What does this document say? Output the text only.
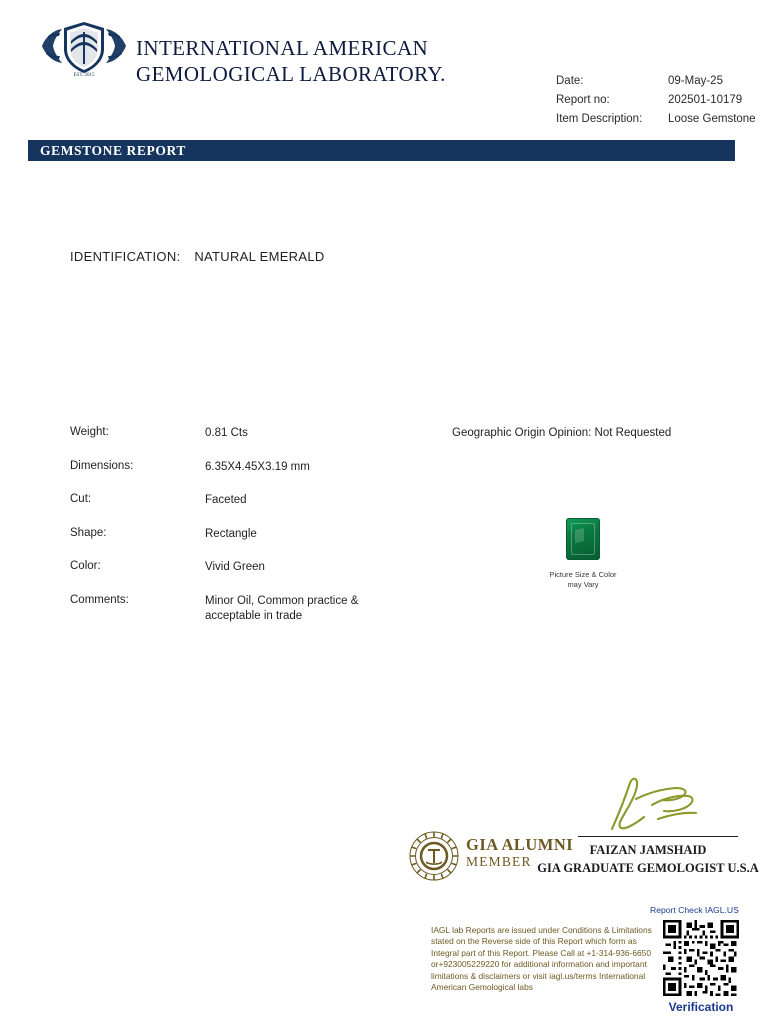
EST. 2015
INTERNATIONAL AMERICAN
GEMOLOGICAL LABORATORY.	Date:	09-May-25
Report no:	202501-10179
Item Description:	Loose Gemstone
GEMSTONE REPORT
IDENTIFICATION: NATURAL EMERALD
Weight:	0.81 Cts
Dimensions:	6.35X4.45X3.19 mm
Cut:	Faceted
Shape:	Rectangle
Color:	Vivid Green
Comments:	Minor Oil, Common practice & acceptable in trade
Geographic Origin Opinion: Not Requested
Picture Size & Color
may Vary
FAIZAN JAMSHAID
GIA GRADUATE GEMOLOGIST U.S.A
GIA ALUMNI
MEMBER
IAGL lab Reports are issued under Conditions & Limitations stated on the Reverse side of this Report which form as Integral part of this Report. Please Call at +1-314-936-6650 or+923005229220 for additional information and important limitations & disclaimers or visit iagl.us/terms International American Gemological labs
Report Check IAGL.US
Verification
